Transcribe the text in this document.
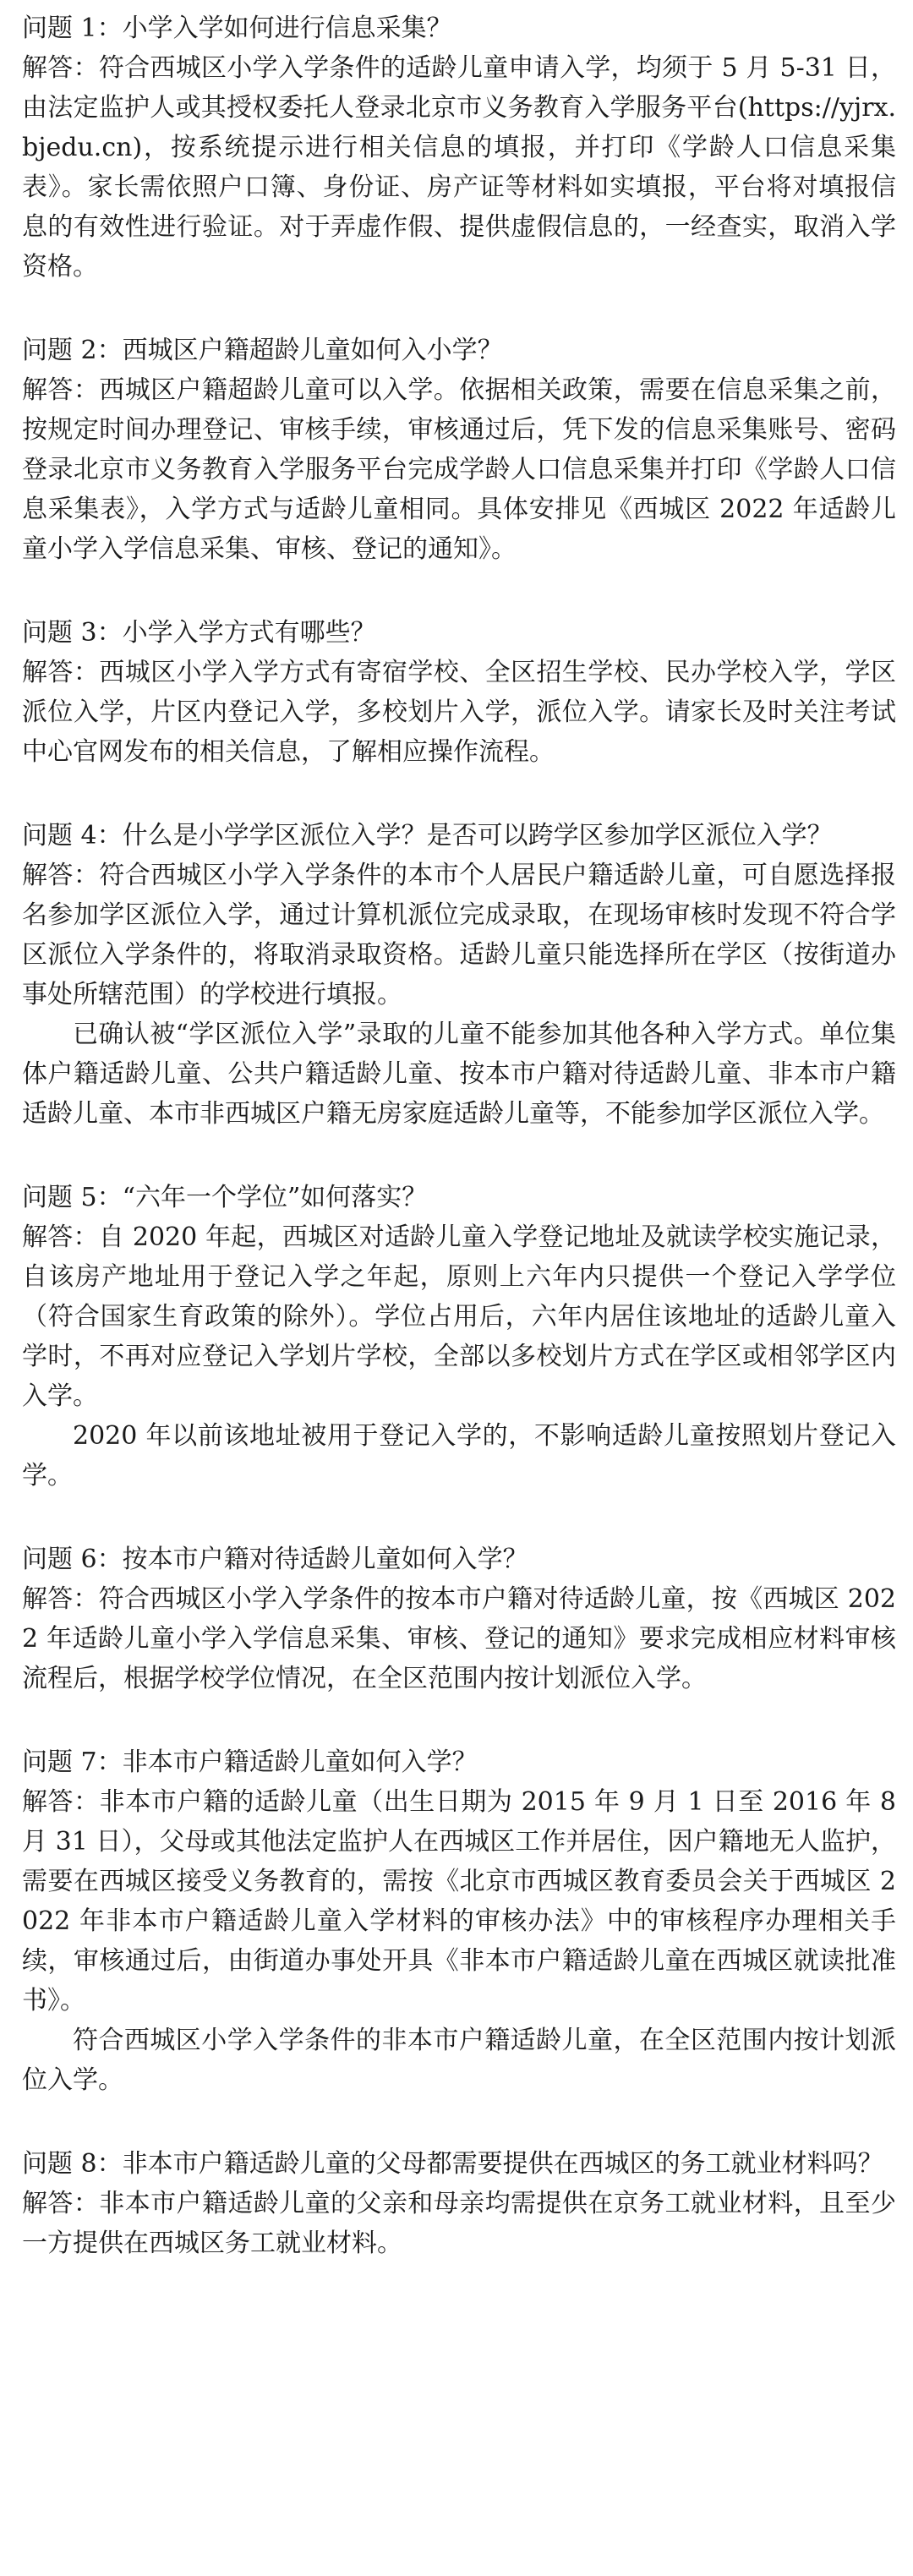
问题 1：小学入学如何进行信息采集？

解答：符合西城区小学入学条件的适龄儿童申请入学，均须于 5 月 5-31 日，由法定监护人或其授权委托人登录北京市义务教育入学服务平台(https://yjrx.bjedu.cn)，按系统提示进行相关信息的填报，并打印《学龄人口信息采集表》。家长需依照户口簿、身份证、房产证等材料如实填报，平台将对填报信息的有效性进行验证。对于弄虚作假、提供虚假信息的，一经查实，取消入学资格。

问题 2：西城区户籍超龄儿童如何入小学？

解答：西城区户籍超龄儿童可以入学。依据相关政策，需要在信息采集之前，按规定时间办理登记、审核手续，审核通过后，凭下发的信息采集账号、密码登录北京市义务教育入学服务平台完成学龄人口信息采集并打印《学龄人口信息采集表》，入学方式与适龄儿童相同。具体安排见《西城区 2022 年适龄儿童小学入学信息采集、审核、登记的通知》。

问题 3：小学入学方式有哪些？

解答：西城区小学入学方式有寄宿学校、全区招生学校、民办学校入学，学区派位入学，片区内登记入学，多校划片入学，派位入学。请家长及时关注考试中心官网发布的相关信息，了解相应操作流程。

问题 4：什么是小学学区派位入学？是否可以跨学区参加学区派位入学？

解答：符合西城区小学入学条件的本市个人居民户籍适龄儿童，可自愿选择报名参加学区派位入学，通过计算机派位完成录取，在现场审核时发现不符合学区派位入学条件的，将取消录取资格。适龄儿童只能选择所在学区（按街道办事处所辖范围）的学校进行填报。

已确认被“学区派位入学”录取的儿童不能参加其他各种入学方式。单位集体户籍适龄儿童、公共户籍适龄儿童、按本市户籍对待适龄儿童、非本市户籍适龄儿童、本市非西城区户籍无房家庭适龄儿童等，不能参加学区派位入学。

问题 5：“六年一个学位”如何落实？

解答：自 2020 年起，西城区对适龄儿童入学登记地址及就读学校实施记录，自该房产地址用于登记入学之年起，原则上六年内只提供一个登记入学学位（符合国家生育政策的除外）。学位占用后，六年内居住该地址的适龄儿童入学时，不再对应登记入学划片学校，全部以多校划片方式在学区或相邻学区内入学。

2020 年以前该地址被用于登记入学的，不影响适龄儿童按照划片登记入学。

问题 6：按本市户籍对待适龄儿童如何入学？

解答：符合西城区小学入学条件的按本市户籍对待适龄儿童，按《西城区 2022 年适龄儿童小学入学信息采集、审核、登记的通知》要求完成相应材料审核流程后，根据学校学位情况，在全区范围内按计划派位入学。

问题 7：非本市户籍适龄儿童如何入学？

解答：非本市户籍的适龄儿童（出生日期为 2015 年 9 月 1 日至 2016 年 8 月 31 日），父母或其他法定监护人在西城区工作并居住，因户籍地无人监护，需要在西城区接受义务教育的，需按《北京市西城区教育委员会关于西城区 2022 年非本市户籍适龄儿童入学材料的审核办法》中的审核程序办理相关手续，审核通过后，由街道办事处开具《非本市户籍适龄儿童在西城区就读批准书》。

符合西城区小学入学条件的非本市户籍适龄儿童，在全区范围内按计划派位入学。

问题 8：非本市户籍适龄儿童的父母都需要提供在西城区的务工就业材料吗？

解答：非本市户籍适龄儿童的父亲和母亲均需提供在京务工就业材料，且至少一方提供在西城区务工就业材料。
